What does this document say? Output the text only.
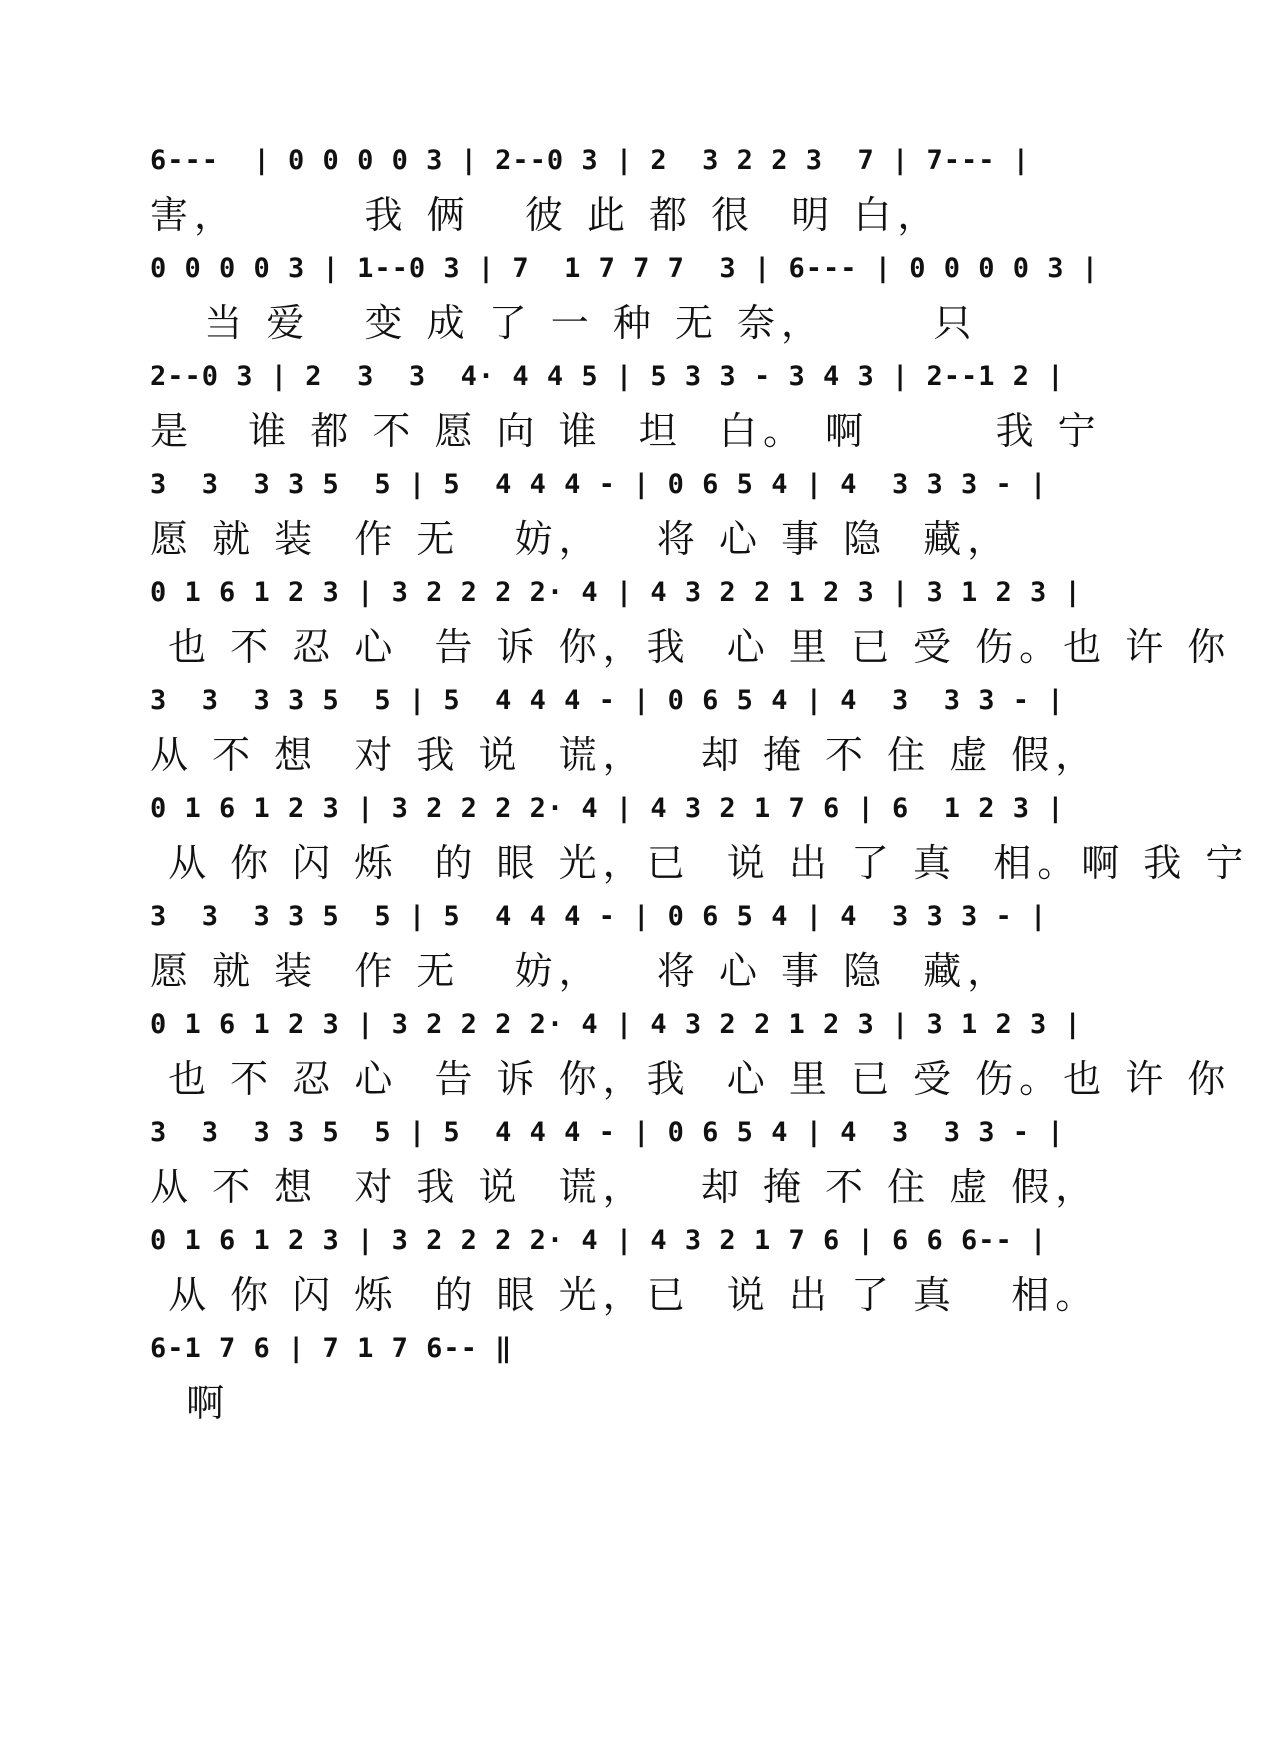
6---  | 0 0 0 0 3 | 2--0 3 | 2  3 2 2 3  7 | 7--- |
害，       我 俩   彼 此 都 很  明 白，
0 0 0 0 3 | 1--0 3 | 7  1 7 7 7  3 | 6--- | 0 0 0 0 3 |
当 爱   变 成 了 一 种 无 奈，      只
2--0 3 | 2  3  3  4· 4 4 5 | 5 3 3 - 3 4 3 | 2--1 2 |
是   谁 都 不 愿 向 谁  坦  白。 啊       我 宁
3  3  3 3 5  5 | 5  4 4 4 - | 0 6 5 4 | 4  3 3 3 - |
愿 就 装  作 无   妨，   将 心 事 隐  藏，
0 1 6 1 2 3 | 3 2 2 2 2· 4 | 4 3 2 2 1 2 3 | 3 1 2 3 |
也 不 忍 心  告 诉 你，我  心 里 已 受 伤。也 许 你
3  3  3 3 5  5 | 5  4 4 4 - | 0 6 5 4 | 4  3  3 3 - |
从 不 想  对 我 说  谎，   却 掩 不 住 虚 假，
0 1 6 1 2 3 | 3 2 2 2 2· 4 | 4 3 2 1 7 6 | 6  1 2 3 |
从 你 闪 烁  的 眼 光，已  说 出 了 真  相。啊 我 宁
3  3  3 3 5  5 | 5  4 4 4 - | 0 6 5 4 | 4  3 3 3 - |
愿 就 装  作 无   妨，   将 心 事 隐  藏，
0 1 6 1 2 3 | 3 2 2 2 2· 4 | 4 3 2 2 1 2 3 | 3 1 2 3 |
也 不 忍 心  告 诉 你，我  心 里 已 受 伤。也 许 你
3  3  3 3 5  5 | 5  4 4 4 - | 0 6 5 4 | 4  3  3 3 - |
从 不 想  对 我 说  谎，   却 掩 不 住 虚 假，
0 1 6 1 2 3 | 3 2 2 2 2· 4 | 4 3 2 1 7 6 | 6 6 6-- |
从 你 闪 烁  的 眼 光，已  说 出 了 真   相。
6-1 7 6 | 7 1 7 6-- ‖
啊
